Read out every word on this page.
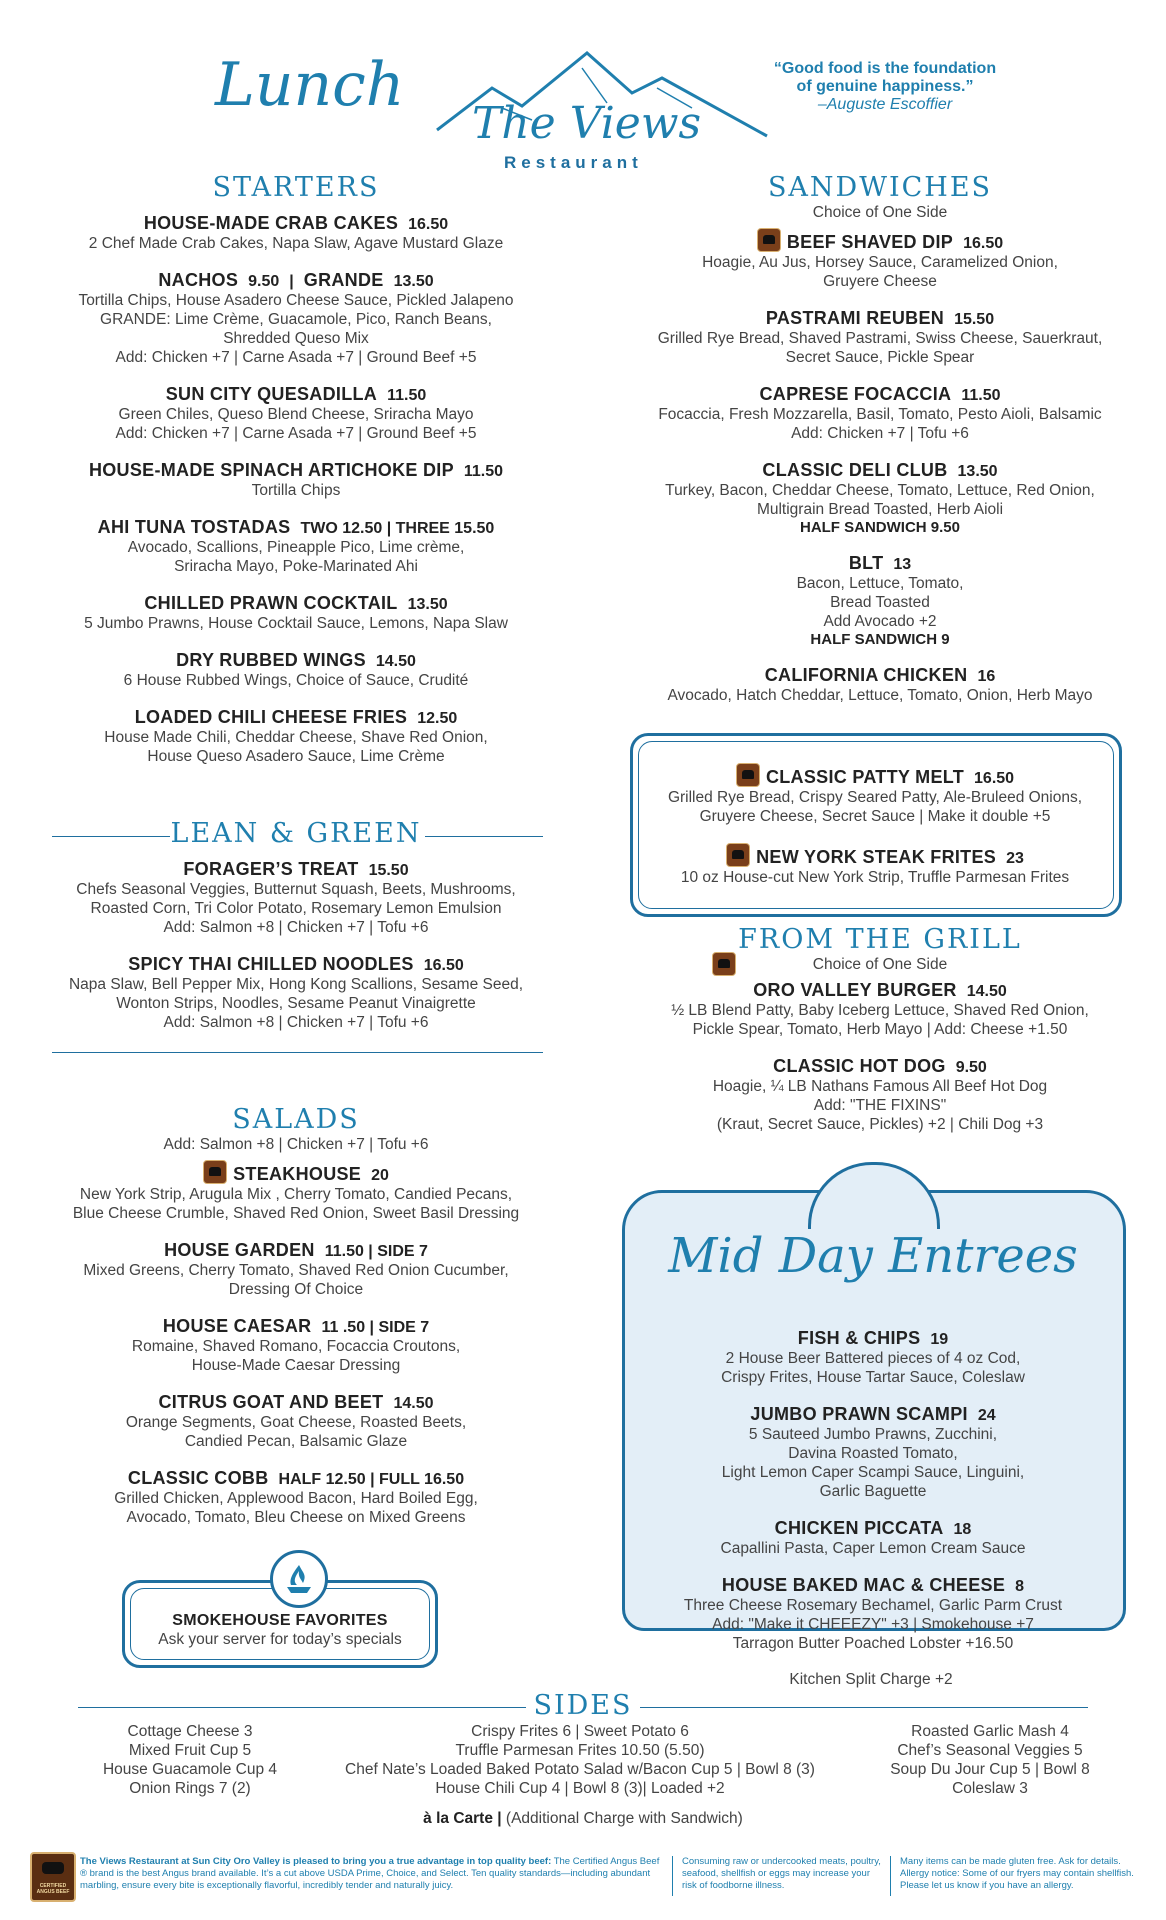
Lunch
The Views
Restaurant
“Good food is the foundation
of genuine happiness.”
–Auguste Escoffier
STARTERS
HOUSE-MADE CRAB CAKES 16.50
2 Chef Made Crab Cakes, Napa Slaw, Agave Mustard Glaze
NACHOS 9.50 | GRANDE 13.50
Tortilla Chips, House Asadero Cheese Sauce, Pickled Jalapeno
GRANDE: Lime Crème, Guacamole, Pico, Ranch Beans,
Shredded Queso Mix
Add: Chicken +7 | Carne Asada +7 | Ground Beef +5
SUN CITY QUESADILLA 11.50
Green Chiles, Queso Blend Cheese, Sriracha Mayo
Add: Chicken +7 | Carne Asada +7 | Ground Beef +5
HOUSE-MADE SPINACH ARTICHOKE DIP 11.50
Tortilla Chips
AHI TUNA TOSTADAS TWO 12.50 | THREE 15.50
Avocado, Scallions, Pineapple Pico, Lime crème,
Sriracha Mayo, Poke-Marinated Ahi
CHILLED PRAWN COCKTAIL 13.50
5 Jumbo Prawns, House Cocktail Sauce, Lemons, Napa Slaw
DRY RUBBED WINGS 14.50
6 House Rubbed Wings, Choice of Sauce, Crudité
LOADED CHILI CHEESE FRIES 12.50
House Made Chili, Cheddar Cheese, Shave Red Onion,
House Queso Asadero Sauce, Lime Crème
LEAN & GREEN
FORAGER’S TREAT 15.50
Chefs Seasonal Veggies, Butternut Squash, Beets, Mushrooms,
Roasted Corn, Tri Color Potato, Rosemary Lemon Emulsion
Add: Salmon +8 | Chicken +7 | Tofu +6
SPICY THAI CHILLED NOODLES 16.50
Napa Slaw, Bell Pepper Mix, Hong Kong Scallions, Sesame Seed,
Wonton Strips, Noodles, Sesame Peanut Vinaigrette
Add: Salmon +8 | Chicken +7 | Tofu +6
SALADS
Add: Salmon +8 | Chicken +7 | Tofu +6
STEAKHOUSE 20
New York Strip, Arugula Mix , Cherry Tomato, Candied Pecans,
Blue Cheese Crumble, Shaved Red Onion, Sweet Basil Dressing
HOUSE GARDEN 11.50 | SIDE 7
Mixed Greens, Cherry Tomato, Shaved Red Onion Cucumber,
Dressing Of Choice
HOUSE CAESAR 11 .50 | SIDE 7
Romaine, Shaved Romano, Focaccia Croutons,
House-Made Caesar Dressing
CITRUS GOAT AND BEET 14.50
Orange Segments, Goat Cheese, Roasted Beets,
Candied Pecan, Balsamic Glaze
CLASSIC COBB HALF 12.50 | FULL 16.50
Grilled Chicken, Applewood Bacon, Hard Boiled Egg,
Avocado, Tomato, Bleu Cheese on Mixed Greens
SMOKEHOUSE FAVORITES
Ask your server for today’s specials
SANDWICHES
Choice of One Side
BEEF SHAVED DIP 16.50
Hoagie, Au Jus, Horsey Sauce, Caramelized Onion,
Gruyere Cheese
PASTRAMI REUBEN 15.50
Grilled Rye Bread, Shaved Pastrami, Swiss Cheese, Sauerkraut,
Secret Sauce, Pickle Spear
CAPRESE FOCACCIA 11.50
Focaccia, Fresh Mozzarella, Basil, Tomato, Pesto Aioli, Balsamic
Add: Chicken +7 | Tofu +6
CLASSIC DELI CLUB 13.50
Turkey, Bacon, Cheddar Cheese, Tomato, Lettuce, Red Onion,
Multigrain Bread Toasted, Herb Aioli
HALF SANDWICH 9.50
BLT 13
Bacon, Lettuce, Tomato,
Bread Toasted
Add Avocado +2
HALF SANDWICH 9
CALIFORNIA CHICKEN 16
Avocado, Hatch Cheddar, Lettuce, Tomato, Onion, Herb Mayo
CLASSIC PATTY MELT 16.50
Grilled Rye Bread, Crispy Seared Patty, Ale-Bruleed Onions,
Gruyere Cheese, Secret Sauce | Make it double +5
NEW YORK STEAK FRITES 23
10 oz House-cut New York Strip, Truffle Parmesan Frites
FROM THE GRILL
Choice of One Side
ORO VALLEY BURGER 14.50
½ LB Blend Patty, Baby Iceberg Lettuce, Shaved Red Onion,
Pickle Spear, Tomato, Herb Mayo | Add: Cheese +1.50
CLASSIC HOT DOG 9.50
Hoagie, ¼ LB Nathans Famous All Beef Hot Dog
Add: "THE FIXINS"
(Kraut, Secret Sauce, Pickles) +2 | Chili Dog +3
Mid Day Entrees
FISH & CHIPS 19
2 House Beer Battered pieces of 4 oz Cod,
Crispy Frites, House Tartar Sauce, Coleslaw
JUMBO PRAWN SCAMPI 24
5 Sauteed Jumbo Prawns, Zucchini,
Davina Roasted Tomato,
Light Lemon Caper Scampi Sauce, Linguini,
Garlic Baguette
CHICKEN PICCATA 18
Capallini Pasta, Caper Lemon Cream Sauce
HOUSE BAKED MAC & CHEESE 8
Three Cheese Rosemary Bechamel, Garlic Parm Crust
Add: "Make it CHEEEZY" +3 | Smokehouse +7
Tarragon Butter Poached Lobster +16.50
Kitchen Split Charge +2
SIDES
Cottage Cheese 3
Mixed Fruit Cup 5
House Guacamole Cup 4
Onion Rings 7 (2)
Crispy Frites 6 | Sweet Potato 6
Truffle Parmesan Frites 10.50 (5.50)
Chef Nate’s Loaded Baked Potato Salad w/Bacon Cup 5 | Bowl 8 (3)
House Chili Cup 4 | Bowl 8 (3)| Loaded +2
Roasted Garlic Mash 4
Chef’s Seasonal Veggies 5
Soup Du Jour Cup 5 | Bowl 8
Coleslaw 3
à la Carte | (Additional Charge with Sandwich)
CERTIFIED ANGUS BEEF
The Views Restaurant at Sun City Oro Valley is pleased to bring you a true advantage in top quality beef: The Certified Angus Beef ® brand is the best Angus brand available. It’s a cut above USDA Prime, Choice, and Select. Ten quality standards—including abundant marbling, ensure every bite is exceptionally flavorful, incredibly tender and naturally juicy.
Consuming raw or undercooked meats, poultry, seafood, shellfish or eggs may increase your risk of foodborne illness.
Many items can be made gluten free. Ask for details. Allergy notice: Some of our fryers may contain shellfish. Please let us know if you have an allergy.
